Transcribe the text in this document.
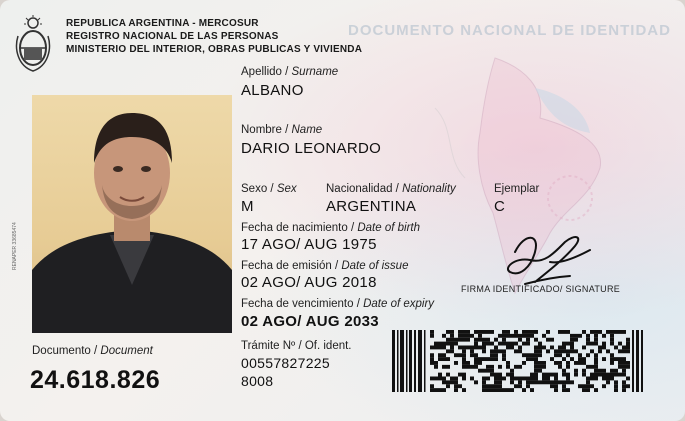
REPUBLICA ARGENTINA - MERCOSUR
REGISTRO NACIONAL DE LAS PERSONAS
MINISTERIO DEL INTERIOR, OBRAS PUBLICAS Y VIVIENDA
DOCUMENTO NACIONAL DE IDENTIDAD
RENAPER 33685474
Apellido / Surname
ALBANO
Nombre / Name
DARIO LEONARDO
Sexo / Sex
M
Nacionalidad / Nationality
ARGENTINA
Ejemplar
C
Fecha de nacimiento / Date of birth
17 AGO/ AUG 1975
Fecha de emisión / Date of issue
02 AGO/ AUG 2018
Fecha de vencimiento / Date of expiry
02 AGO/ AUG 2033
Trámite Nº / Of. ident.
00557827225
8008
Documento / Document
24.618.826
FIRMA IDENTIFICADO/ SIGNATURE
